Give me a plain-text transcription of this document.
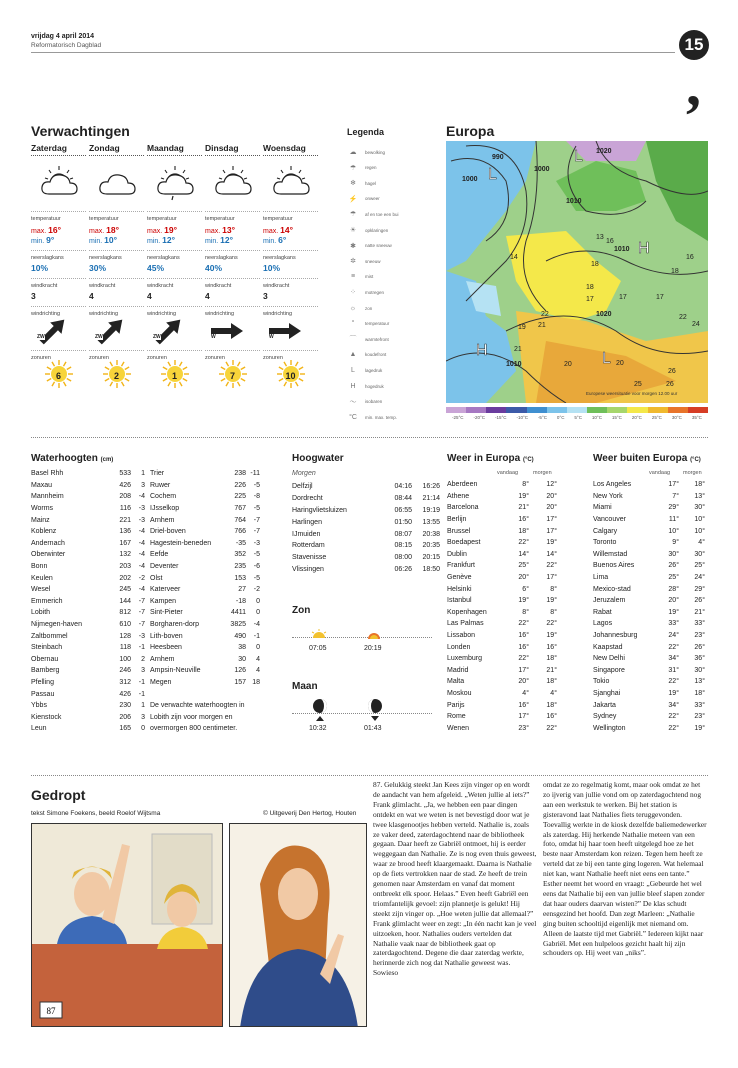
vrijdag 4 april 2014
Reformatorisch Dagblad	15
,
Verwachtingen
Zaterdag
temperatuur
max. 16°
min. 9°
neerslagkans
10%
windkracht
3
windrichting
ZW
zonuren
6
Zondag
temperatuur
max. 18°
min. 10°
neerslagkans
30%
windkracht
4
windrichting
ZW
zonuren
2
Maandag
temperatuur
max. 19°
min. 12°
neerslagkans
45%
windkracht
4
windrichting
ZW
zonuren
1
Dinsdag
temperatuur
max. 13°
min. 12°
neerslagkans
40%
windkracht
4
windrichting
W
zonuren
7
Woensdag
temperatuur
max. 14°
min. 6°
neerslagkans
10%
windkracht
3
windrichting
W
zonuren
10
Legenda
☁	bewolking
☂	regen
❄	hagel
⚡	onweer
☂	af en toe een bui
☀	opklaringen
✱	natte sneeuw
✲	sneeuw
≡	mist
⁘	motregen
☼	zon
°	temperatuur
⌒	warmtefront
▲	koudefront
L	lagedruk
H	hogedruk
～	isobaren
°C	min. max. temp.
Europa
1000
990
1000
1010
1020
1010
1020
1010
14
13
16
18
17
18
16
17	17
22
18
22
21
19
21
20
25
26
24
20
26
L
L
H
H	L
Europese weersituatie voor morgen 12.00 uur
-25°C -20°C -15°C -10°C -5°C 0°C 5°C 10°C 15°C 20°C 25°C 30°C 35°C
Waterhoogten (cm)
Basel Rhh	533	1
Maxau	426	3
Mannheim	208	-4
Worms	116	-3
Mainz	221	-3
Koblenz	136	-4
Andernach	167	-4
Oberwinter	132	-4
Bonn	203	-4
Keulen	202	-2
Wesel	245	-4
Emmerich	144	-7
Lobith	812	-7
Nijmegen-haven	610	-7
Zaltbommel	128	-3
Steinbach	118	-1
Obernau	100	2
Bamberg	246	3
Pfelling	312	-1
Passau	426	-1
Ybbs	230	1
Kienstock	206	3
Leun	165	0
Trier	238	-11
Ruwer	226	-5
Cochem	225	-8
IJsselkop	767	-5
Arnhem	764	-7
Driel-boven	766	-7
Hagestein-beneden	-35	-3
Eefde	352	-5
Deventer	235	-6
Olst	153	-5
Katerveer	27	-2
Kampen	-18	0
Sint-Pieter	4411	0
Borgharen-dorp	3825	-4
Lith-boven	490	-1
Heesbeen	38	0
Arnhem	30	4
Ampsin-Neuville	126	4
Megen	157	18
De verwachte waterhoogten in Lobith zijn voor morgen en overmorgen 800 centimeter.
Hoogwater
Morgen
Delfzijl	04:16	16:26
Dordrecht	08:44	21:14
Haringvlietsluizen	06:55	19:19
Harlingen	01:50	13:55
IJmuiden	08:07	20:38
Rotterdam	08:15	20:35
Stavenisse	08:00	20:15
Vlissingen	06:26	18:50
Zon
07:05	20:19
Maan
10:32	01:43
Weer in Europa (°C)
vandaag	morgen
Aberdeen	8°	12°
Athene	19°	20°
Barcelona	21°	20°
Berlijn	16°	17°
Brussel	18°	17°
Boedapest	22°	19°
Dublin	14°	14°
Frankfurt	25°	22°
Genève	20°	17°
Helsinki	6°	8°
Istanbul	19°	19°
Kopenhagen	8°	8°
Las Palmas	22°	22°
Lissabon	16°	19°
Londen	16°	16°
Luxemburg	22°	18°
Madrid	17°	21°
Malta	20°	18°
Moskou	4°	4°
Parijs	16°	18°
Rome	17°	16°
Wenen	23°	22°
Weer buiten Europa (°C)
vandaag morgen
Los Angeles	17°	18°
New York	7°	13°
Miami	29°	30°
Vancouver	11°	10°
Calgary	10°	10°
Toronto	9°	4°
Willemstad	30°	30°
Buenos Aires	26°	25°
Lima	25°	24°
Mexico-stad	28°	29°
Jeruzalem	20°	26°
Rabat	19°	21°
Lagos	33°	33°
Johannesburg	24°	23°
Kaapstad	22°	26°
New Delhi	34°	36°
Singapore	31°	30°
Tokio	22°	13°
Sjanghai	19°	18°
Jakarta	34°	33°
Sydney	22°	23°
Wellington	22°	19°
Gedropt
tekst Simone Foekens, beeld Roelof Wijtsma	© Uitgeverij Den Hertog, Houten
87
87. Gelukkig steekt Jan Kees zijn vinger op en wordt de aandacht van hem afgeleid. „Weten jullie al iets?” Frank glimlacht. „Ja, we hebben een paar dingen ontdekt en wat we weten is net bevestigd door wat je twee klasgenootjes hebben verteld. Nathalie is, zoals ze vaker deed, zaterdagochtend naar de bibliotheek gegaan. Daar heeft ze Gabriël ontmoet, hij is eerder weggegaan dan Nathalie. Ze is nog even thuis geweest, waar ze brood heeft klaargemaakt. Daarna is Nathalie op de fiets vertrokken naar de stad. Ze heeft de trein genomen naar Amsterdam en vanaf dat moment ontbreekt elk spoor. Helaas.” Even heeft Gabriël een triomfantelijk gevoel: zijn plannetje is gelukt! Hij steekt zijn vinger op. „Hoe weten jullie dat allemaal?” Frank glimlacht weer en zegt: „In één nacht kan je veel uitzoeken, hoor. Nathalies ouders vertelden dat Nathalie vaak naar de bibliotheek gaat op zaterdagochtend. Degene die daar zaterdag werkte, herinnerde zich nog dat Nathalie geweest was. Sowieso
omdat ze zo regelmatig komt, maar ook omdat ze het zo ijverig van jullie vond om op zaterdagochtend nog aan een werkstuk te werken. Bij het station is gisteravond laat Nathalies fiets teruggevonden. Toevallig werkte in de kiosk dezelfde baliemedewerker als zaterdag. Hij herkende Nathalie meteen van een foto, omdat hij haar toen heeft uitgelegd hoe ze het beste naar Amsterdam kon reizen. Tegen hem heeft ze verteld dat ze bij een tante ging logeren. Wat helemaal niet kan, want Nathalie heeft niet eens een tante.” Esther neemt het woord en vraagt: „Gebeurde het wel eens dat Nathalie bij een van jullie bleef slapen zonder dat haar ouders daarvan wisten?” De klas schudt eensgezind het hoofd. Dan zegt Marleen: „Nathalie ging buiten schooltijd eigenlijk met niemand om. Alleen de laatste tijd met Gabriël.” Iedereen kijkt naar Gabriël. Met een hulpeloos gezicht haalt hij zijn schouders op. Hij weet van „niks”.
